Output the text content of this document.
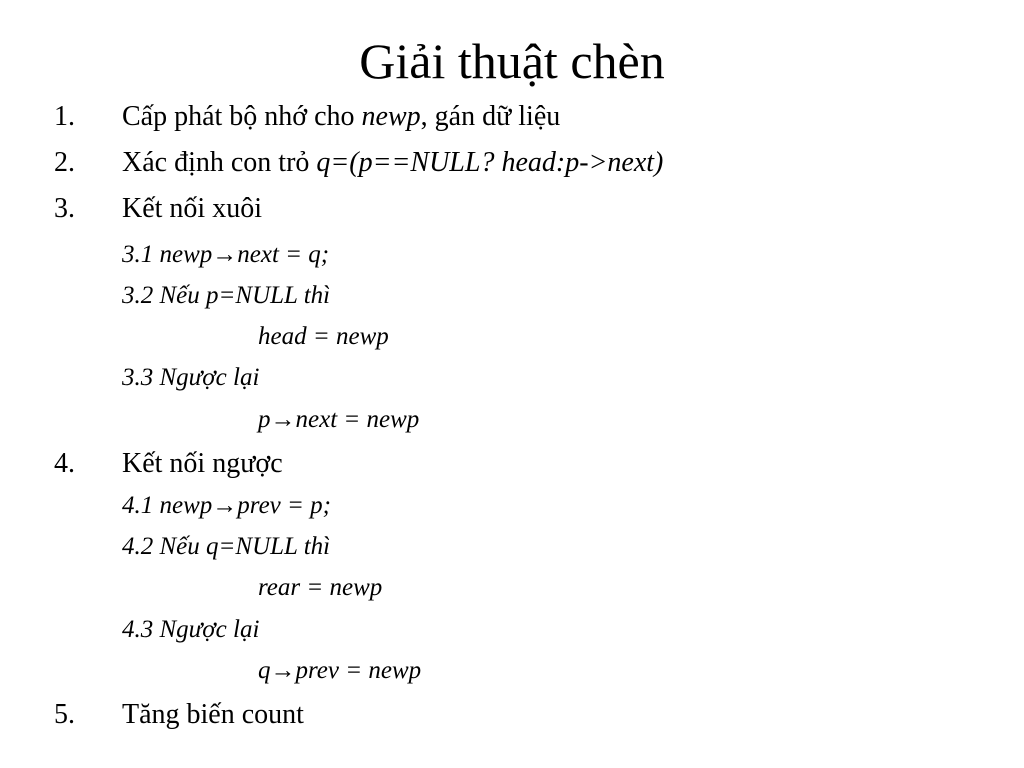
Giải thuật chèn
1. Cấp phát bộ nhớ cho newp, gán dữ liệu
2. Xác định con trỏ q=(p==NULL? head:p->next)
3. Kết nối xuôi
3.1 newp→next = q;
3.2 Nếu p=NULL thì
head = newp
3.3 Ngược lại
p→next = newp
4. Kết nối ngược
4.1 newp→prev = p;
4.2 Nếu q=NULL thì
rear = newp
4.3 Ngược lại
q→prev = newp
5. Tăng biến count
